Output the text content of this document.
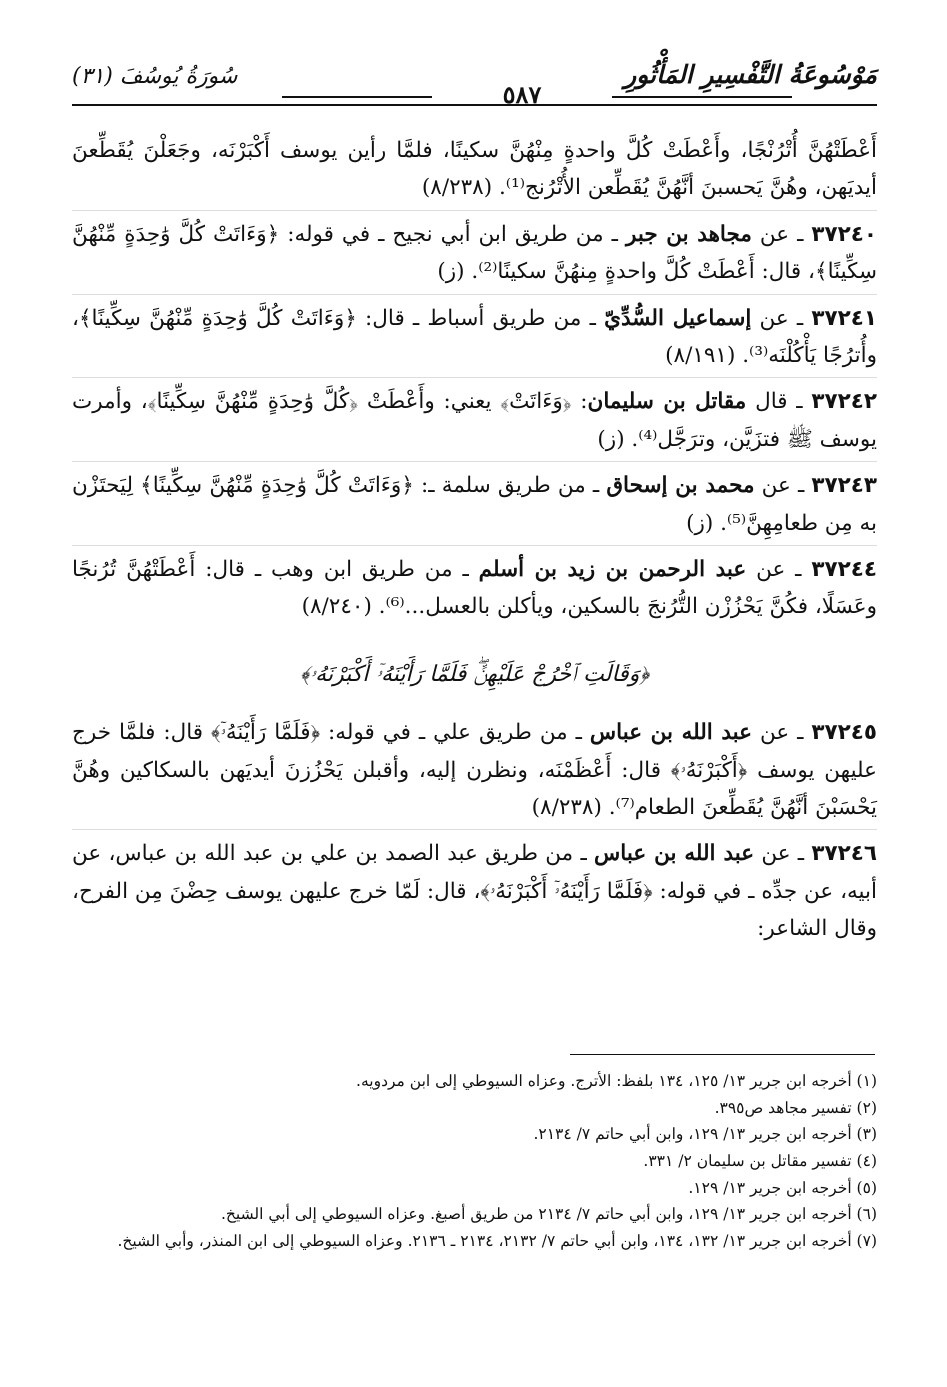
سُورَةُ يُوسُفَ (٣١)
٥٨٧
مَوْسُوعَةُ التَّفْسِيرِ المَأْثُورِ

أَعْطَتْهُنَّ أُتْرُنْجًا، وأَعْطَتْ كُلَّ واحدةٍ مِنْهُنَّ سكينًا، فلمَّا رأين يوسف أَكْبَرْنَه، وجَعَلْنَ يُقَطِّعنَ أيديَهن، وهُنَّ يَحسبنَ أنَّهُنَّ يُقَطِّعن الأُتْرُنج⁽¹⁾. (٨/٢٣٨)

٣٧٢٤٠ ـ عن مجاهد بن جبر ـ من طريق ابن أبي نجيح ـ في قوله: ﴿وَءَاتَتْ كُلَّ وَٰحِدَةٍ مِّنْهُنَّ سِكِّينًا﴾، قال: أَعْطَتْ كُلَّ واحدةٍ مِنهُنَّ سكينًا⁽²⁾. (ز)

٣٧٢٤١ ـ عن إسماعيل السُّدِّيّ ـ من طريق أسباط ـ قال: ﴿وَءَاتَتْ كُلَّ وَٰحِدَةٍ مِّنْهُنَّ سِكِّينًا﴾، وأُترُجًا يَأْكُلْنَه⁽³⁾. (٨/١٩١)

٣٧٢٤٢ ـ قال مقاتل بن سليمان: ﴿وَءَاتَتْ﴾ يعني: وأَعْطَتْ ﴿كُلَّ وَٰحِدَةٍ مِّنْهُنَّ سِكِّينًا﴾، وأمرت يوسف ﷺ فتزَيَّن، وترَجَّل⁽⁴⁾. (ز)

٣٧٢٤٣ ـ عن محمد بن إسحاق ـ من طريق سلمة ـ: ﴿وَءَاتَتْ كُلَّ وَٰحِدَةٍ مِّنْهُنَّ سِكِّينًا﴾ لِيَحتَزْن به مِن طعامِهِنَّ⁽⁵⁾. (ز)

٣٧٢٤٤ ـ عن عبد الرحمن بن زيد بن أسلم ـ من طريق ابن وهب ـ قال: أَعْطَتْهُنَّ تُرُنجًا وعَسَلًا، فكُنَّ يَحْزُزْن التُّرُنجَ بالسكين، ويأكلن بالعسل...⁽⁶⁾. (٨/٢٤٠)

﴿وَقَالَتِ ٱخْرُجْ عَلَيْهِنَّۖ فَلَمَّا رَأَيْنَهُۥٓ أَكْبَرْنَهُۥ﴾

٣٧٢٤٥ ـ عن عبد الله بن عباس ـ من طريق علي ـ في قوله: ﴿فَلَمَّا رَأَيْنَهُۥٓ﴾ قال: فلمَّا خرج عليهن يوسف ﴿أَكْبَرْنَهُۥ﴾ قال: أَعْظَمْنَه، ونظرن إليه، وأقبلن يَحْزُزنَ أيديَهن بالسكاكين وهُنَّ يَحْسَبْنَ أنَّهُنَّ يُقَطِّعنَ الطعام⁽⁷⁾. (٨/٢٣٨)

٣٧٢٤٦ ـ عن عبد الله بن عباس ـ من طريق عبد الصمد بن علي بن عبد الله بن عباس، عن أبيه، عن جدِّه ـ في قوله: ﴿فَلَمَّا رَأَيْنَهُۥٓ أَكْبَرْنَهُۥ﴾، قال: لَمّا خرج عليهن يوسف حِضْنَ مِن الفرح، وقال الشاعر:

(١) أخرجه ابن جرير ١٣/ ١٢٥، ١٣٤ بلفظ: الأترج. وعزاه السيوطي إلى ابن مردويه.

(٢) تفسير مجاهد ص٣٩٥.

(٣) أخرجه ابن جرير ١٣/ ١٢٩، وابن أبي حاتم ٧/ ٢١٣٤.

(٤) تفسير مقاتل بن سليمان ٢/ ٣٣١.

(٥) أخرجه ابن جرير ١٣/ ١٢٩.

(٦) أخرجه ابن جرير ١٣/ ١٢٩، وابن أبي حاتم ٧/ ٢١٣٤ من طريق أصبغ. وعزاه السيوطي إلى أبي الشيخ.

(٧) أخرجه ابن جرير ١٣/ ١٣٢، ١٣٤، وابن أبي حاتم ٧/ ٢١٣٢، ٢١٣٤ ـ ٢١٣٦. وعزاه السيوطي إلى ابن المنذر، وأبي الشيخ.
